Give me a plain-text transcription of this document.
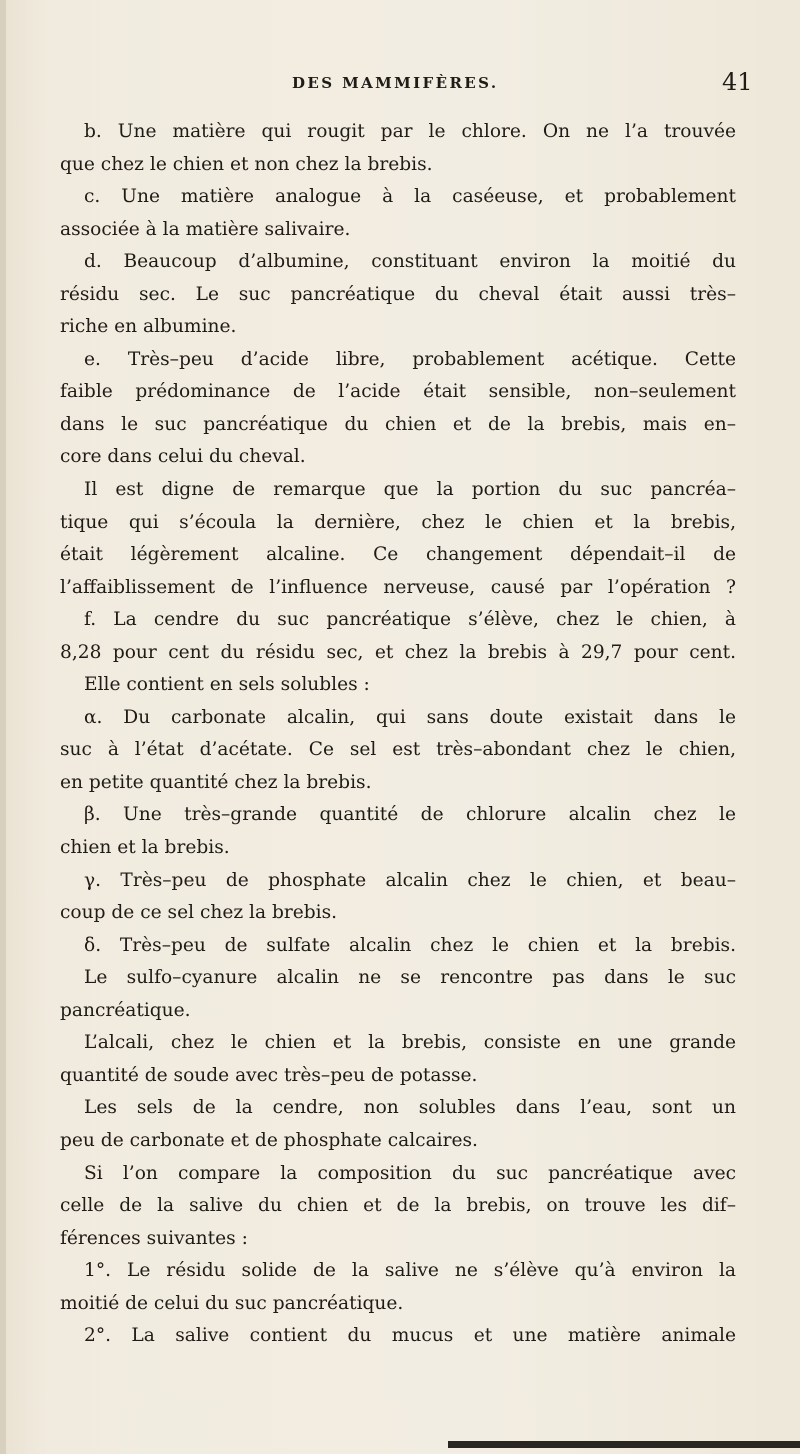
DES MAMMIFÈRES.	41
b. Une matière qui rougit par le chlore. On ne l’a trouvée
que chez le chien et non chez la brebis.
c. Une matière analogue à la caséeuse, et probablement
associée à la matière salivaire.
d. Beaucoup d’albumine, constituant environ la moitié du
résidu sec. Le suc pancréatique du cheval était aussi très–
riche en albumine.
e. Très–peu d’acide libre, probablement acétique. Cette
faible prédominance de l’acide était sensible, non–seulement
dans le suc pancréatique du chien et de la brebis, mais en–
core dans celui du cheval.
Il est digne de remarque que la portion du suc pancréa–
tique qui s’écoula la dernière, chez le chien et la brebis,
était légèrement alcaline. Ce changement dépendait–il de
l’affaiblissement de l’influence nerveuse, causé par l’opération ?
f. La cendre du suc pancréatique s’élève, chez le chien, à
8,28 pour cent du résidu sec, et chez la brebis à 29,7 pour cent.
Elle contient en sels solubles :
α. Du carbonate alcalin, qui sans doute existait dans le
suc à l’état d’acétate. Ce sel est très–abondant chez le chien,
en petite quantité chez la brebis.
β. Une très–grande quantité de chlorure alcalin chez le
chien et la brebis.
γ. Très–peu de phosphate alcalin chez le chien, et beau–
coup de ce sel chez la brebis.
δ. Très–peu de sulfate alcalin chez le chien et la brebis.
Le sulfo–cyanure alcalin ne se rencontre pas dans le suc
pancréatique.
L’alcali, chez le chien et la brebis, consiste en une grande
quantité de soude avec très–peu de potasse.
Les sels de la cendre, non solubles dans l’eau, sont un
peu de carbonate et de phosphate calcaires.
Si l’on compare la composition du suc pancréatique avec
celle de la salive du chien et de la brebis, on trouve les dif–
férences suivantes :
1°. Le résidu solide de la salive ne s’élève qu’à environ la
moitié de celui du suc pancréatique.
2°. La salive contient du mucus et une matière animale
